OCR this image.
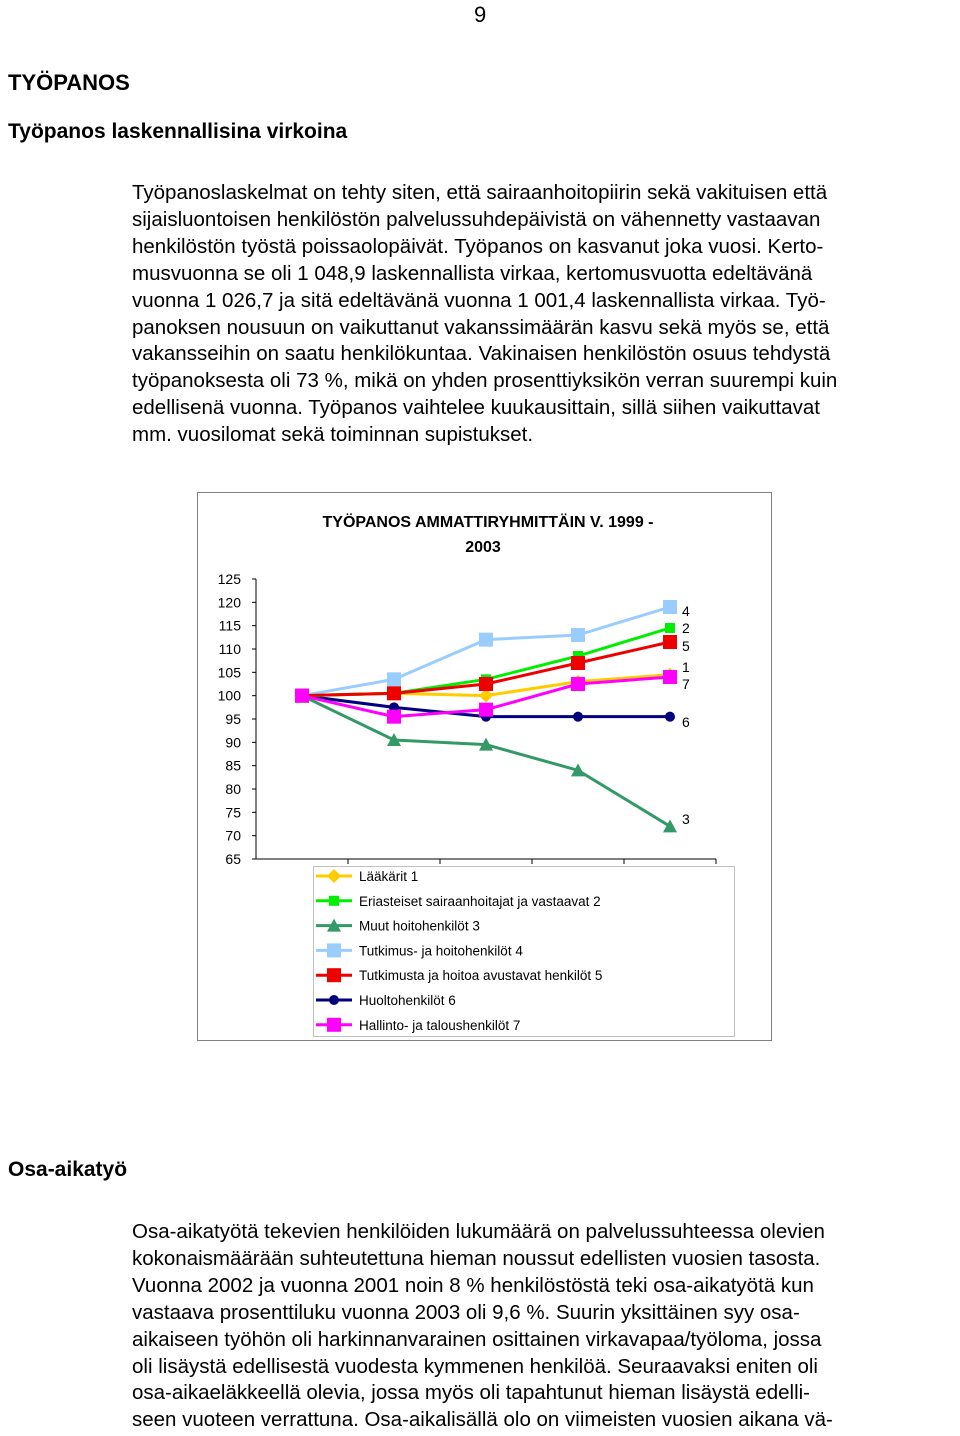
9
TYÖPANOS
Työpanos laskennallisina virkoina
Työpanoslaskelmat on tehty siten, että sairaanhoitopiirin sekä vakituisen että
sijaisluontoisen henkilöstön palvelussuhdepäivistä on vähennetty vastaavan
henkilöstön työstä poissaolopäivät. Työpanos on kasvanut joka vuosi. Kerto-
musvuonna se oli 1 048,9 laskennallista virkaa, kertomusvuotta edeltävänä
vuonna 1 026,7 ja sitä edeltävänä vuonna 1 001,4 laskennallista virkaa. Työ-
panoksen nousuun on vaikuttanut vakanssimäärän kasvu sekä myös se, että
vakansseihin on saatu henkilökuntaa. Vakinaisen henkilöstön osuus tehdystä
työpanoksesta oli 73 %, mikä on yhden prosenttiyksikön verran suurempi kuin
edellisenä vuonna. Työpanos vaihtelee kuukausittain, sillä siihen vaikuttavat
mm. vuosilomat sekä toiminnan supistukset.
TYÖPANOS AMMATTIRYHMITTÄIN V. 1999 -
2003
125
120
115
110
105
100
95
90
85
80
75
70
65
4
2
5
1
7
6
3
Lääkärit 1
Eriasteiset sairaanhoitajat ja vastaavat 2
Muut hoitohenkilöt 3
Tutkimus- ja hoitohenkilöt 4
Tutkimusta ja hoitoa avustavat henkilöt 5
Huoltohenkilöt 6
Hallinto- ja taloushenkilöt 7
Osa-aikatyö
Osa-aikatyötä tekevien henkilöiden lukumäärä on palvelussuhteessa olevien
kokonaismäärään suhteutettuna hieman noussut edellisten vuosien tasosta.
Vuonna 2002 ja vuonna 2001 noin 8 % henkilöstöstä teki osa-aikatyötä kun
vastaava prosenttiluku vuonna 2003 oli 9,6 %. Suurin yksittäinen syy osa-
aikaiseen työhön oli harkinnanvarainen osittainen virkavapaa/työloma, jossa
oli lisäystä edellisestä vuodesta kymmenen henkilöä. Seuraavaksi eniten oli
osa-aikaeläkkeellä olevia, jossa myös oli tapahtunut hieman lisäystä edelli-
seen vuoteen verrattuna. Osa-aikalisällä olo on viimeisten vuosien aikana vä-
